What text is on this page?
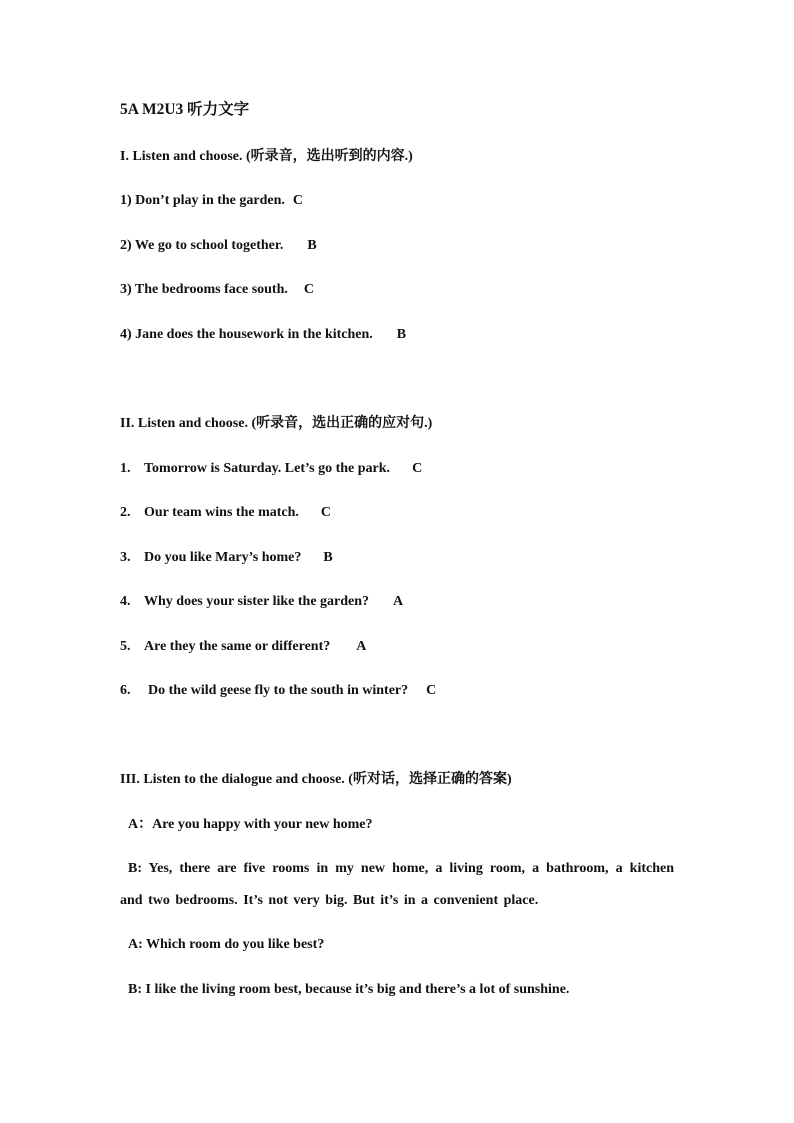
5A M2U3 听力文字
I. Listen and choose. (听录音，选出听到的内容.)
1) Don’t play in the garden. C
2) We go to school together. B
3) The bedrooms face south. C
4) Jane does the housework in the kitchen. B
II. Listen and choose. (听录音，选出正确的应对句.)
1. Tomorrow is Saturday. Let’s go the park. C
2. Our team wins the match. C
3. Do you like Mary’s home? B
4. Why does your sister like the garden? A
5. Are they the same or different? A
6. Do the wild geese fly to the south in winter? C
III. Listen to the dialogue and choose. (听对话，选择正确的答案)
A：Are you happy with your new home?
B: Yes, there are five rooms in my new home, a living room, a bathroom, a kitchen and two bedrooms. It’s not very big. But it’s in a convenient place.
A: Which room do you like best?
B: I like the living room best, because it’s big and there’s a lot of sunshine.
